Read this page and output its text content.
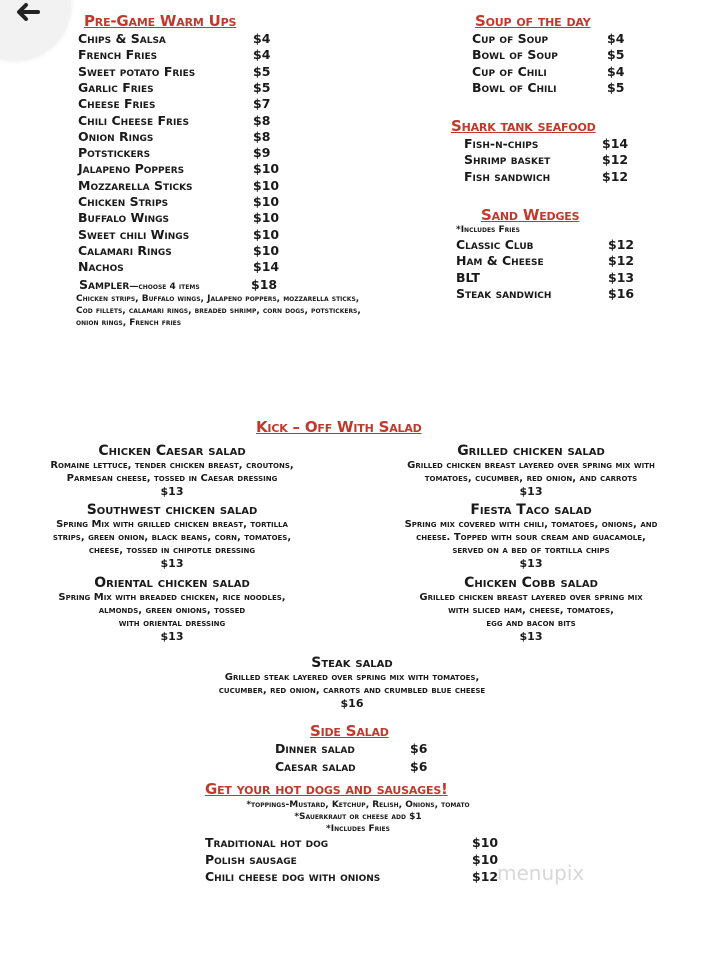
Pre-Game Warm Ups
Chips & Salsa	$4
French Fries	$4
Sweet potato Fries	$5
Garlic Fries	$5
Cheese Fries	$7
Chili Cheese Fries	$8
Onion Rings	$8
Potstickers	$9
Jalapeno Poppers	$10
Mozzarella Sticks	$10
Chicken Strips	$10
Buffalo Wings	$10
Sweet chili Wings	$10
Calamari Rings	$10
Nachos	$14
Sampler—choose 4 items	$18
Chicken strips, Buffalo wings, Jalapeno poppers, mozzarella sticks, Cod fillets, calamari rings, breaded shrimp, corn dogs, potstickers, onion rings, French fries
Soup of the day
Cup of Soup	$4
Bowl of Soup	$5
Cup of Chili	$4
Bowl of Chili	$5
Shark tank seafood
Fish-n-chips	$14
Shrimp basket	$12
Fish sandwich	$12
Sand Wedges
*Includes Fries
Classic Club	$12
Ham & Cheese	$12
BLT	$13
Steak sandwich	$16
Kick – Off With Salad
Chicken Caesar salad
Romaine lettuce, tender chicken breast, croutons,
Parmesan cheese, tossed in Caesar dressing
$13
Grilled chicken salad
Grilled chicken breast layered over spring mix with
tomatoes, cucumber, red onion, and carrots
$13
Southwest chicken salad
Spring Mix with grilled chicken breast, tortilla
strips, green onion, black beans, corn, tomatoes,
cheese, tossed in chipotle dressing
$13
Fiesta Taco salad
Spring mix covered with chili, tomatoes, onions, and
cheese. Topped with sour cream and guacamole,
served on a bed of tortilla chips
$13
Oriental chicken salad
Spring Mix with breaded chicken, rice noodles,
almonds, green onions, tossed
with oriental dressing
$13
Chicken Cobb salad
Grilled chicken breast layered over spring mix
with sliced ham, cheese, tomatoes,
egg and bacon bits
$13
Steak salad
Grilled steak layered over spring mix with tomatoes,
cucumber, red onion, carrots and crumbled blue cheese
$16
Side Salad
Dinner salad	$6
Caesar salad	$6
Get your hot dogs and sausages!
*toppings-Mustard, Ketchup, Relish, Onions, tomato
*Sauerkraut or cheese add $1
*Includes Fries
Traditional hot dog	$10
Polish sausage	$10
Chili cheese dog with onions	$12
menupix
